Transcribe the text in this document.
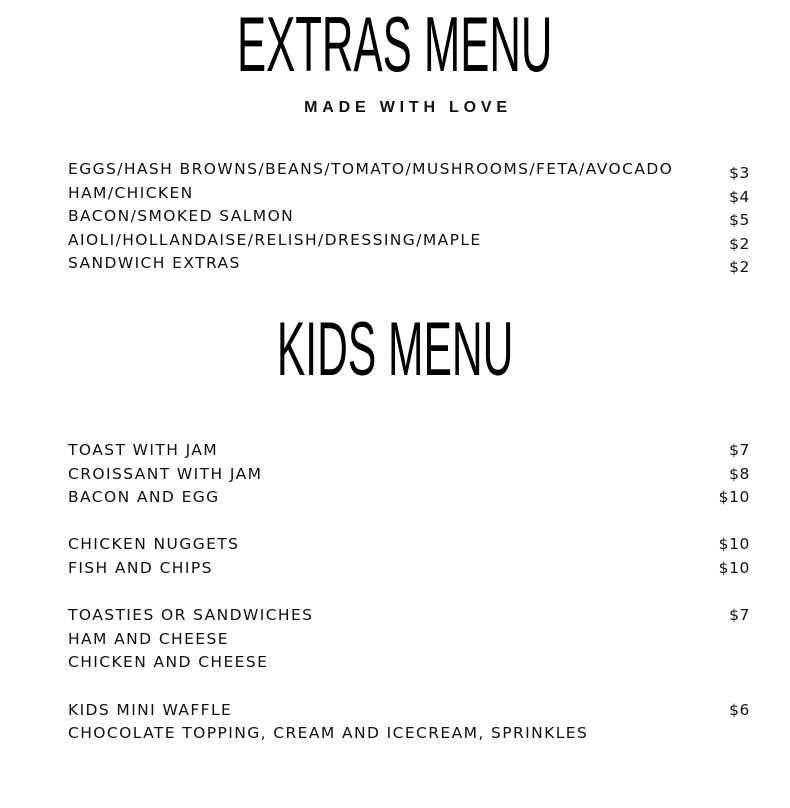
EXTRAS MENU
MADE WITH LOVE
EGGS/HASH BROWNS/BEANS/TOMATO/MUSHROOMS/FETA/AVOCADO	$3
HAM/CHICKEN	$4
BACON/SMOKED SALMON	$5
AIOLI/HOLLANDAISE/RELISH/DRESSING/MAPLE	$2
SANDWICH EXTRAS	$2
KIDS MENU
TOAST WITH JAM	$7
CROISSANT WITH JAM	$8
BACON AND EGG	$10
CHICKEN NUGGETS	$10
FISH AND CHIPS	$10
TOASTIES OR SANDWICHES	$7
HAM AND CHEESE
CHICKEN AND CHEESE
KIDS MINI WAFFLE	$6
CHOCOLATE TOPPING, CREAM AND ICECREAM, SPRINKLES
